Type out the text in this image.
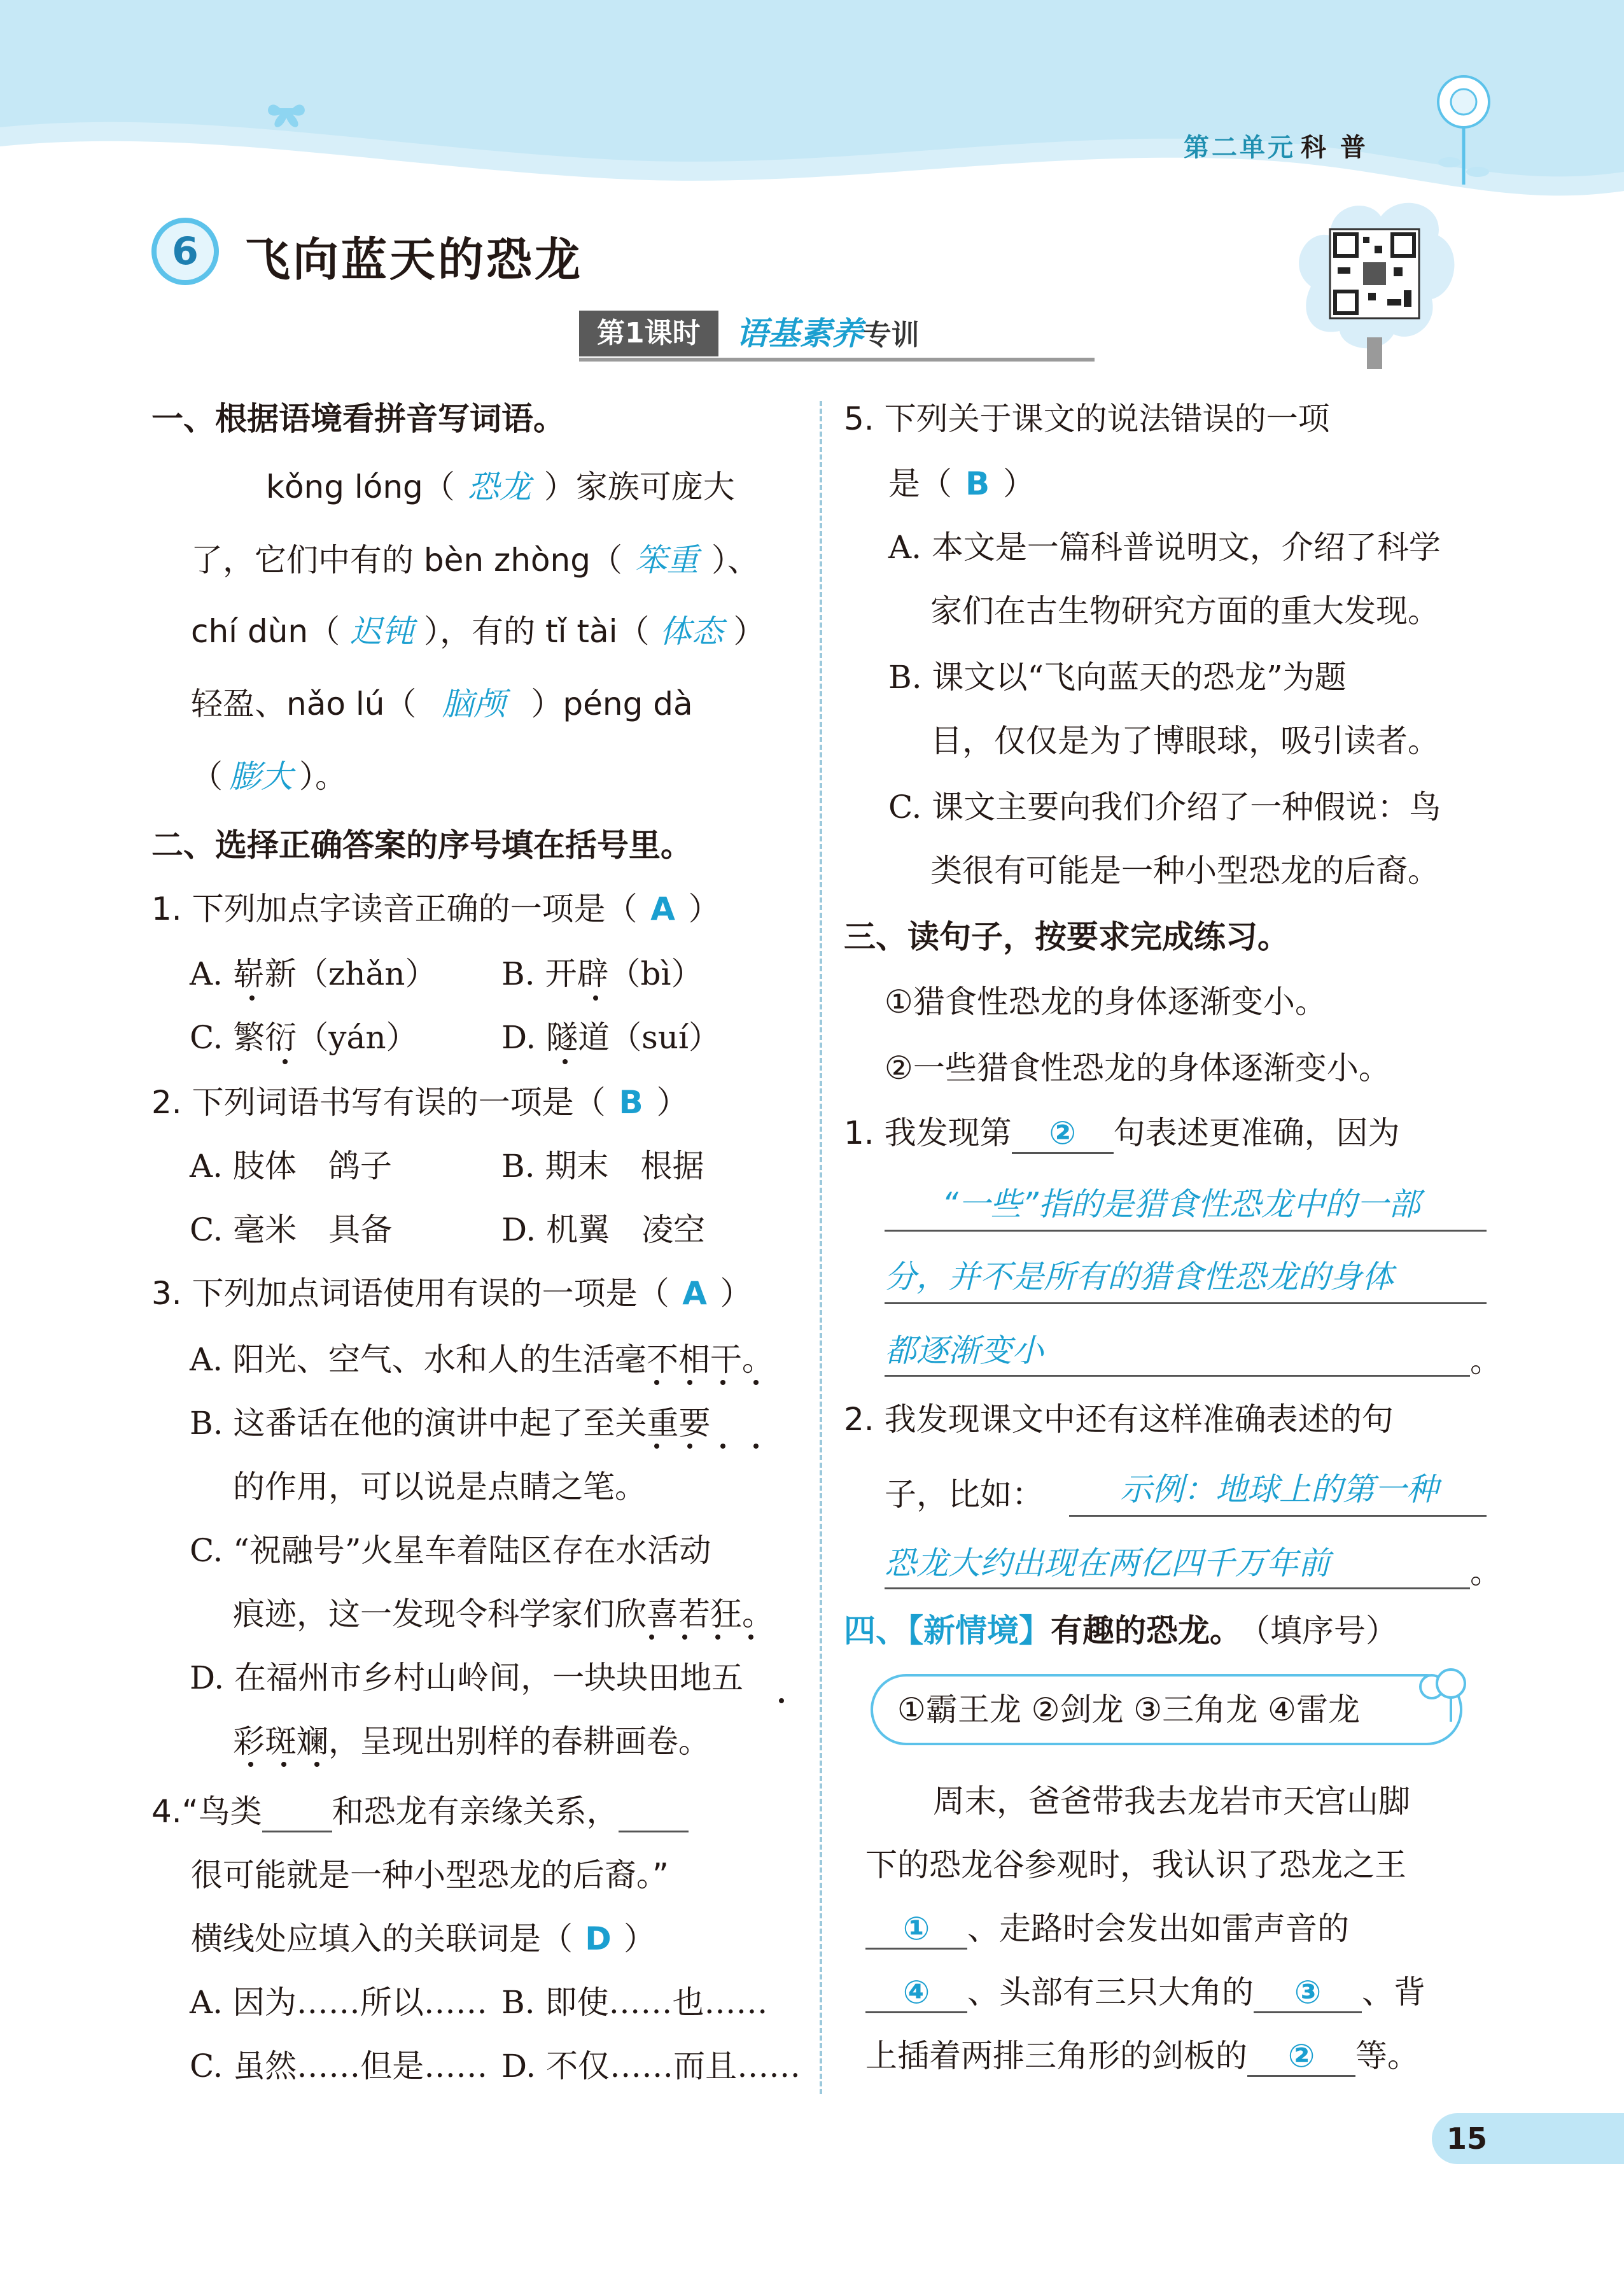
第二单元 科 普
6	飞向蓝天的恐龙
第1课时 语基素养专训
一、根据语境看拼音写词语。
kǒng lóng（ 恐龙 ）家族可庞大
了，它们中有的 bèn zhòng（ 笨重 ）、
chí dùn（ 迟钝 ），有的 tǐ tài（ 体态 ）
轻盈、nǎo lú（ 脑颅 ）péng dà
（ 膨大 ）。
二、选择正确答案的序号填在括号里。
1. 下列加点字读音正确的一项是（ A ）
A. 崭新（zhǎn） B. 开辟（bì）
C. 繁衍（yán）	D. 隧道（suí）
2. 下列词语书写有误的一项是（ B ）
A. 肢体　鸽子	B. 期末　根据
C. 毫米　具备	D. 机翼　凌空
3. 下列加点词语使用有误的一项是（ A ）
A. 阳光、空气、水和人的生活毫不相干。
B. 这番话在他的演讲中起了至关重要
的作用，可以说是点睛之笔。
C. “祝融号”火星车着陆区存在水活动
痕迹，这一发现令科学家们欣喜若狂。
D. 在福州市乡村山岭间，一块块田地五
彩斑斓，呈现出别样的春耕画卷。
4.“鸟类 和恐龙有亲缘关系，
很可能就是一种小型恐龙的后裔。”
横线处应填入的关联词是（ D ）
A. 因为……所以…… B. 即使……也……
C. 虽然……但是…… D. 不仅……而且……
5. 下列关于课文的说法错误的一项
是（ B ）
A. 本文是一篇科普说明文，介绍了科学
家们在古生物研究方面的重大发现。
B. 课文以“飞向蓝天的恐龙”为题
目，仅仅是为了博眼球，吸引读者。
C. 课文主要向我们介绍了一种假说：鸟
类很有可能是一种小型恐龙的后裔。
三、读句子，按要求完成练习。
①猎食性恐龙的身体逐渐变小。
②一些猎食性恐龙的身体逐渐变小。
1. 我发现第 ② 句表述更准确，因为
“一些”指的是猎食性恐龙中的一部
分，并不是所有的猎食性恐龙的身体
都逐渐变小	。
2. 我发现课文中还有这样准确表述的句
子，比如： 示例：地球上的第一种
恐龙大约出现在两亿四千万年前	。
四、【新情境】有趣的恐龙。 （填序号）
①霸王龙 ②剑龙 ③三角龙 ④雷龙
周末，爸爸带我去龙岩市天宫山脚
下的恐龙谷参观时，我认识了恐龙之王
① 、走路时会发出如雷声音的
④ 、头部有三只大角的 ③ 、背
上插着两排三角形的剑板的 ② 等。
15
